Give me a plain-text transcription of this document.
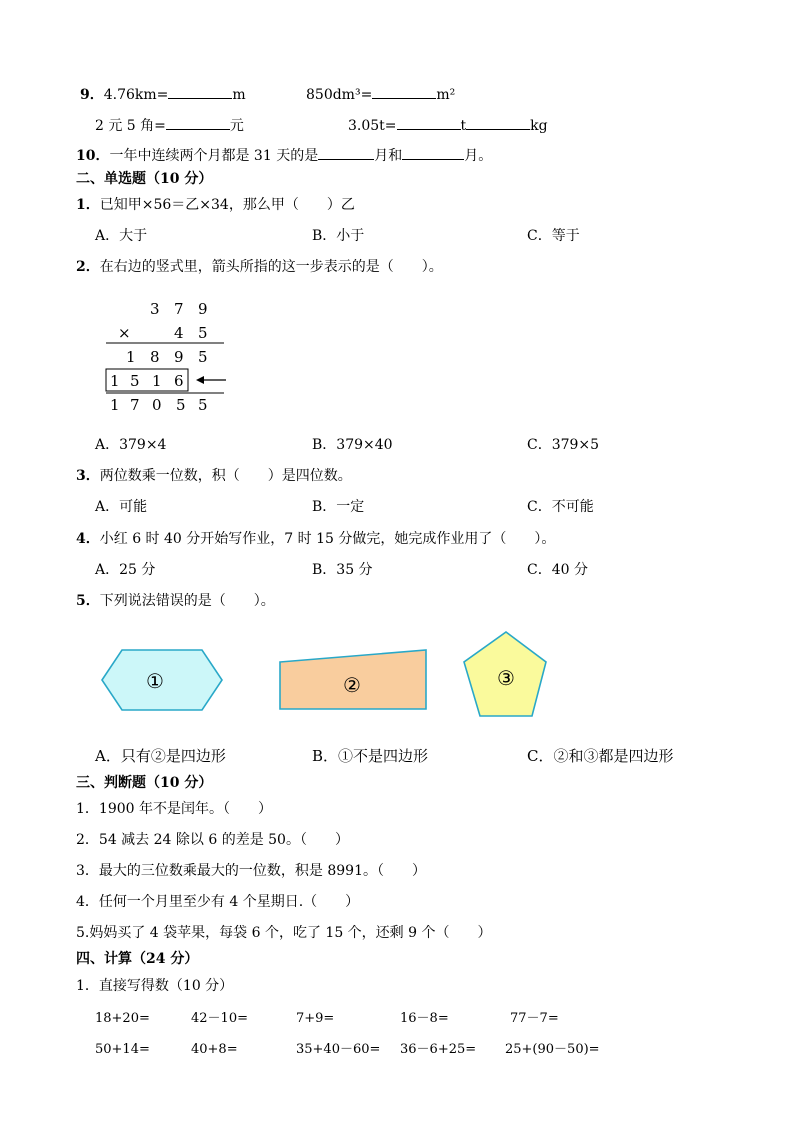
9．4.76km=	m	850dm³=	m²
2 元 5 角=	元	3.05t=	t	kg
10．一年中连续两个月都是 31 天的是	月和	月。
二、单选题（10 分）
1．已知甲×56＝乙×34，那么甲（　　）乙
A．大于	B．小于	C．等于
2．在右边的竖式里，箭头所指的这一步表示的是（　　）。
3 7 9
×	4 5
1 8 9 5
1 5 1 6
1 7 0 5 5
A．379×4	B．379×40	C．379×5
3．两位数乘一位数，积（　　）是四位数。
A．可能	B．一定	C．不可能
4．小红 6 时 40 分开始写作业，7 时 15 分做完，她完成作业用了（　　）。
A．25 分	B．35 分	C．40 分
5．下列说法错误的是（　　）。
①	②	③
A．只有②是四边形	B．①不是四边形	C．②和③都是四边形
三、判断题（10 分）
1．1900 年不是闰年。（　　）
2．54 减去 24 除以 6 的差是 50。（　　）
3．最大的三位数乘最大的一位数，积是 8991。（　　）
4．任何一个月里至少有 4 个星期日.（　　）
5.妈妈买了 4 袋苹果，每袋 6 个，吃了 15 个，还剩 9 个（　　）
四、计算（24 分）
1．直接写得数（10 分）
18+20=	42－10=	7+9=	16－8=	77－7=
50+14=	40+8=	35+40－60= 36－6+25= 25+(90－50)=
